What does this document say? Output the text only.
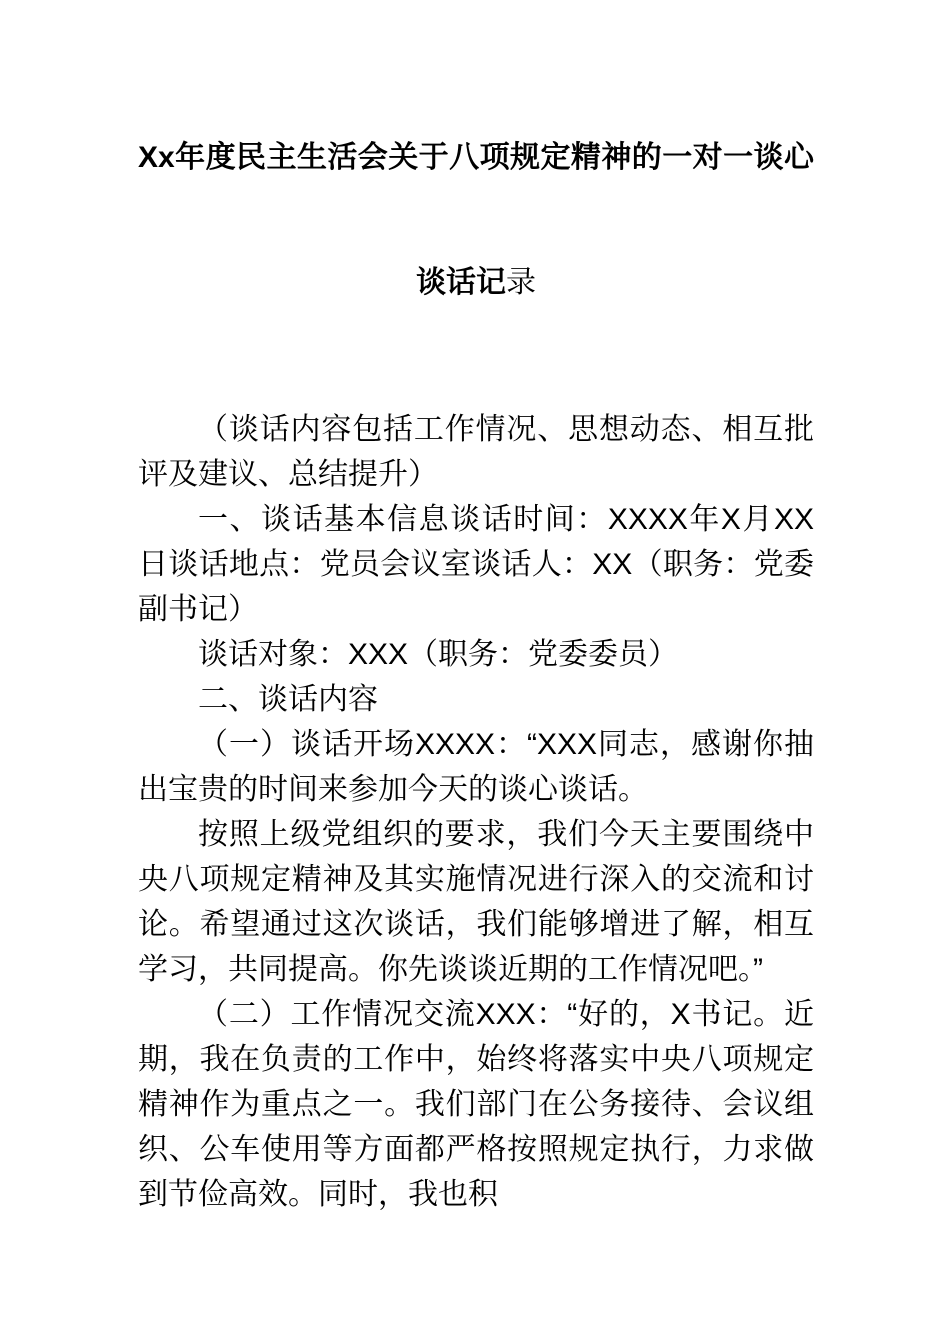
Xx年度民主生活会关于八项规定精神的一对一谈心谈话记录

（谈话内容包括工作情况、思想动态、相互批评及建议、总结提升）

一、谈话基本信息谈话时间：XXXX年X月XX日谈话地点：党员会议室谈话人：XX（职务：党委副书记）

谈话对象：XXX（职务：党委委员）

二、谈话内容

（一）谈话开场XXXX：“XXX同志，感谢你抽出宝贵的时间来参加今天的谈心谈话。

按照上级党组织的要求，我们今天主要围绕中央八项规定精神及其实施情况进行深入的交流和讨论。希望通过这次谈话，我们能够增进了解，相互学习，共同提高。你先谈谈近期的工作情况吧。”

（二）工作情况交流XXX：“好的，X书记。近期，我在负责的工作中，始终将落实中央八项规定精神作为重点之一。我们部门在公务接待、会议组织、公车使用等方面都严格按照规定执行，力求做到节俭高效。同时，我也积
